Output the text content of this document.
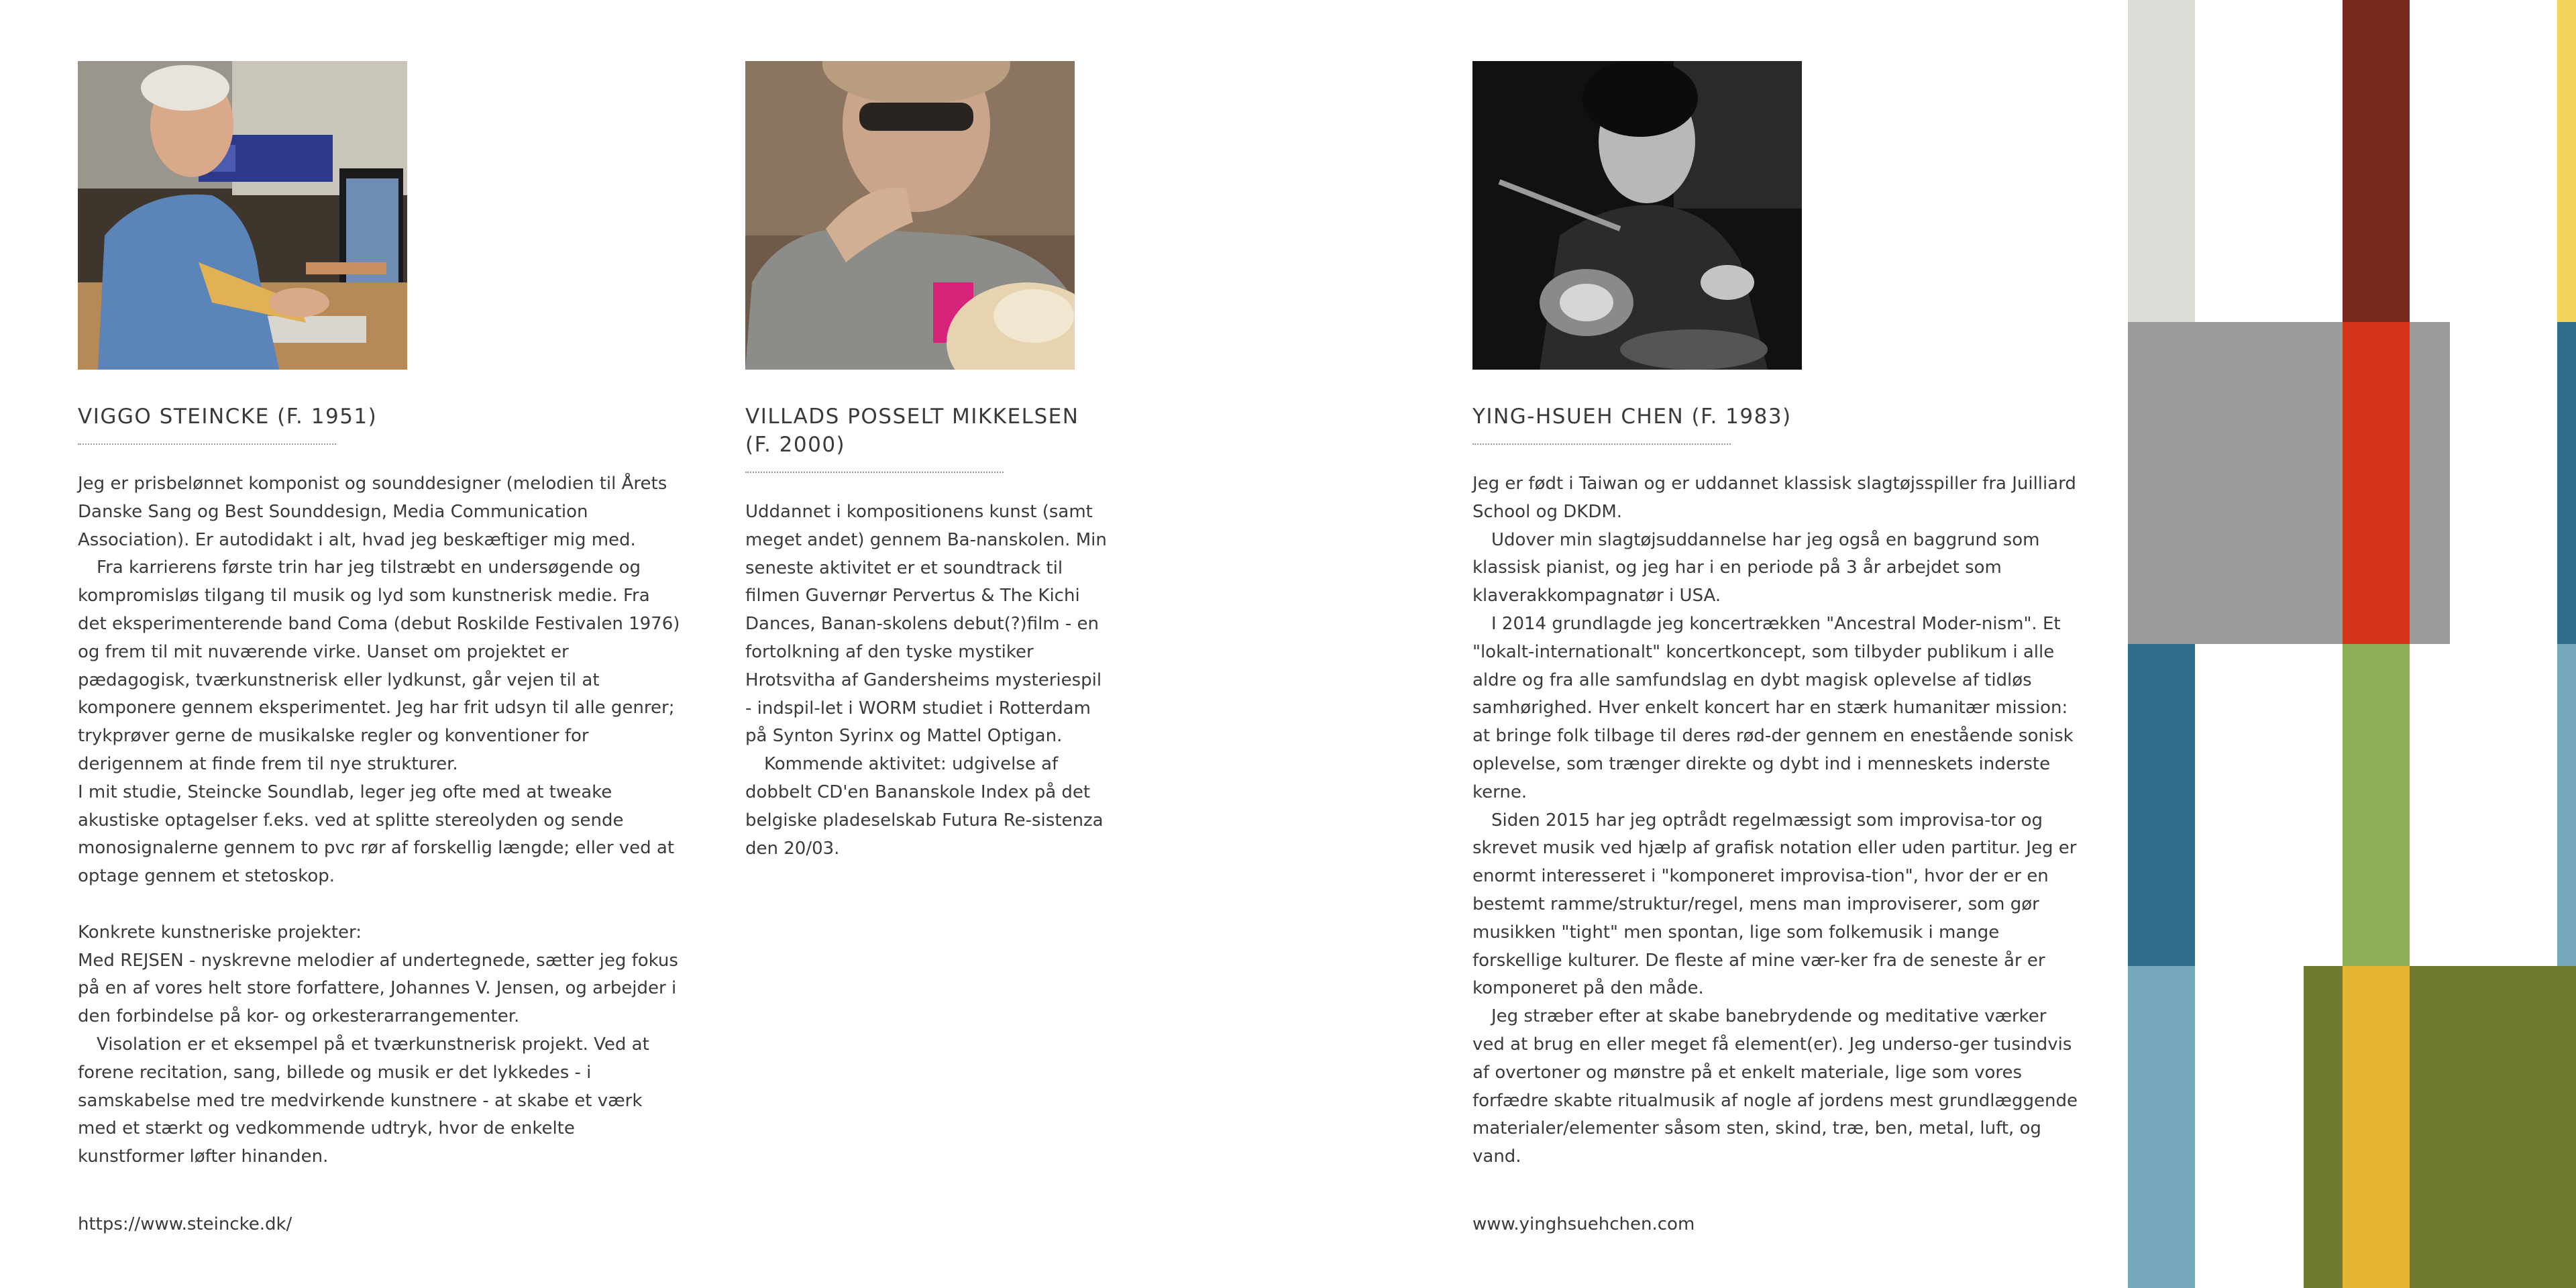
VIGGO STEINCKE (F. 1951)

Jeg er prisbelønnet komponist og sounddesigner (melodien til Årets Danske Sang og Best Sounddesign, Media Communication Association). Er autodidakt i alt, hvad jeg beskæftiger mig med.

Fra karrierens første trin har jeg tilstræbt en undersøgende og kompromisløs tilgang til musik og lyd som kunstnerisk medie. Fra det eksperimenterende band Coma (debut Roskilde Festivalen 1976) og frem til mit nuværende virke. Uanset om projektet er pædagogisk, tværkunstnerisk eller lydkunst, går vejen til at komponere gennem eksperimentet. Jeg har frit udsyn til alle genrer; trykprøver gerne de musikalske regler og konventioner for derigennem at finde frem til nye strukturer.

I mit studie, Steincke Soundlab, leger jeg ofte med at tweake akustiske optagelser f.eks. ved at splitte stereolyden og sende monosignalerne gennem to pvc rør af forskellig længde; eller ved at optage gennem et stetoskop.

Konkrete kunstneriske projekter:

Med REJSEN - nyskrevne melodier af undertegnede, sætter jeg fokus på en af vores helt store forfattere, Johannes V. Jensen, og arbejder i den forbindelse på kor- og orkesterarrangementer.

Visolation er et eksempel på et tværkunstnerisk projekt. Ved at forene recitation, sang, billede og musik er det lykkedes - i samskabelse med tre medvirkende kunstnere - at skabe et værk med et stærkt og vedkommende udtryk, hvor de enkelte kunstformer løfter hinanden.

https://www.steincke.dk/
VILLADS POSSELT MIKKELSEN
(F. 2000)

Uddannet i kompositionens kunst (samt meget andet) gennem Ba-nanskolen. Min seneste aktivitet er et soundtrack til filmen Guvernør Pervertus & The Kichi Dances, Banan-skolens debut(?)film - en fortolkning af den tyske mystiker Hrotsvitha af Gandersheims mysteriespil - indspil-let i WORM studiet i Rotterdam på Synton Syrinx og Mattel Optigan.

Kommende aktivitet: udgivelse af dobbelt CD'en Bananskole Index på det belgiske pladeselskab Futura Re-sistenza den 20/03.

YING-HSUEH CHEN (F. 1983)

Jeg er født i Taiwan og er uddannet klassisk slagtøjsspiller fra Juilliard School og DKDM.

Udover min slagtøjsuddannelse har jeg også en baggrund som klassisk pianist, og jeg har i en periode på 3 år arbejdet som klaverakkompagnatør i USA.

I 2014 grundlagde jeg koncertrækken "Ancestral Moder-nism". Et "lokalt-internationalt" koncertkoncept, som tilbyder publikum i alle aldre og fra alle samfundslag en dybt magisk oplevelse af tidløs samhørighed. Hver enkelt koncert har en stærk humanitær mission: at bringe folk tilbage til deres rød-der gennem en enestående sonisk oplevelse, som trænger direkte og dybt ind i menneskets inderste kerne.

Siden 2015 har jeg optrådt regelmæssigt som improvisa-tor og skrevet musik ved hjælp af grafisk notation eller uden partitur. Jeg er enormt interesseret i "komponeret improvisa-tion", hvor der er en bestemt ramme/struktur/regel, mens man improviserer, som gør musikken "tight" men spontan, lige som folkemusik i mange forskellige kulturer. De fleste af mine vær-ker fra de seneste år er komponeret på den måde.

Jeg stræber efter at skabe banebrydende og meditative værker ved at brug en eller meget få element(er). Jeg underso-ger tusindvis af overtoner og mønstre på et enkelt materiale, lige som vores forfædre skabte ritualmusik af nogle af jordens mest grundlæggende materialer/elementer såsom sten, skind, træ, ben, metal, luft, og vand.

www.yinghsuehchen.com
52.
